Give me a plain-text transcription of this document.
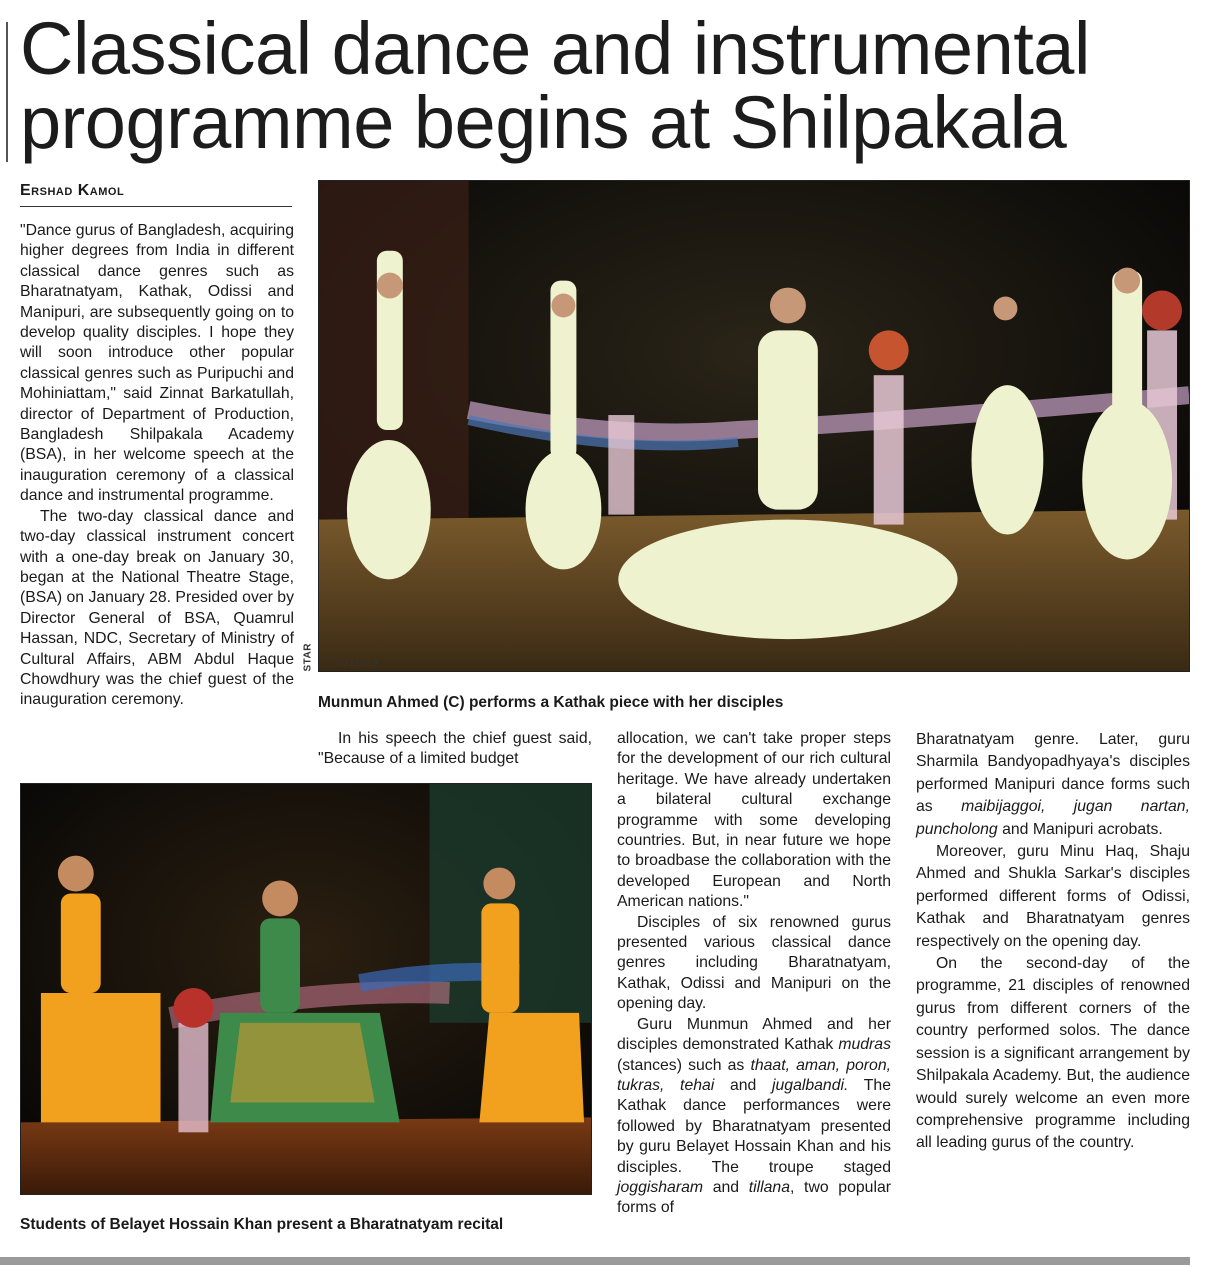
Classical dance and instrumental programme begins at Shilpakala
Ershad Kamol

"Dance gurus of Bangladesh, acquiring higher degrees from India in different classical dance genres such as Bharatnatyam, Kathak, Odissi and Manipuri, are subsequently going on to develop quality disciples. I hope they will soon introduce other popular classical genres such as Puripuchi and Mohiniattam," said Zinnat Barkatullah, director of Department of Production, Bangladesh Shilpakala Academy (BSA), in her welcome speech at the inauguration ceremony of a classical dance and instrumental programme.

The two-day classical dance and two-day classical instrument concert with a one-day break on January 30, began at the National Theatre Stage, (BSA) on January 28. Presided over by Director General of BSA, Quamrul Hassan, NDC, Secretary of Ministry of Cultural Affairs, ABM Abdul Haque Chowdhury was the chief guest of the inauguration ceremony.

PHOTO:
STAR
Munmun Ahmed (C) performs a Kathak piece with her disciples

In his speech the chief guest said, "Because of a limited budget

allocation, we can't take proper steps for the development of our rich cultural heritage. We have already undertaken a bilateral cultural exchange programme with some developing countries. But, in near future we hope to broadbase the collaboration with the developed European and North American nations."

Disciples of six renowned gurus presented various classical dance genres including Bharatnatyam, Kathak, Odissi and Manipuri on the opening day.

Guru Munmun Ahmed and her disciples demonstrated Kathak mudras (stances) such as thaat, aman, poron, tukras, tehai and jugalbandi. The Kathak dance performances were followed by Bharatnatyam presented by guru Belayet Hossain Khan and his disciples. The troupe staged joggisharam and tillana, two popular forms of

Bharatnatyam genre. Later, guru Sharmila Bandyopadhyaya's disciples performed Manipuri dance forms such as maibijaggoi, jugan nartan, puncholong and Manipuri acrobats.

Moreover, guru Minu Haq, Shaju Ahmed and Shukla Sarkar's disciples performed different forms of Odissi, Kathak and Bharatnatyam genres respectively on the opening day.

On the second-day of the programme, 21 disciples of renowned gurus from different corners of the country performed solos. The dance session is a significant arrangement by Shilpakala Academy. But, the audience would surely welcome an even more comprehensive programme including all leading gurus of the country.

Students of Belayet Hossain Khan present a Bharatnatyam recital
